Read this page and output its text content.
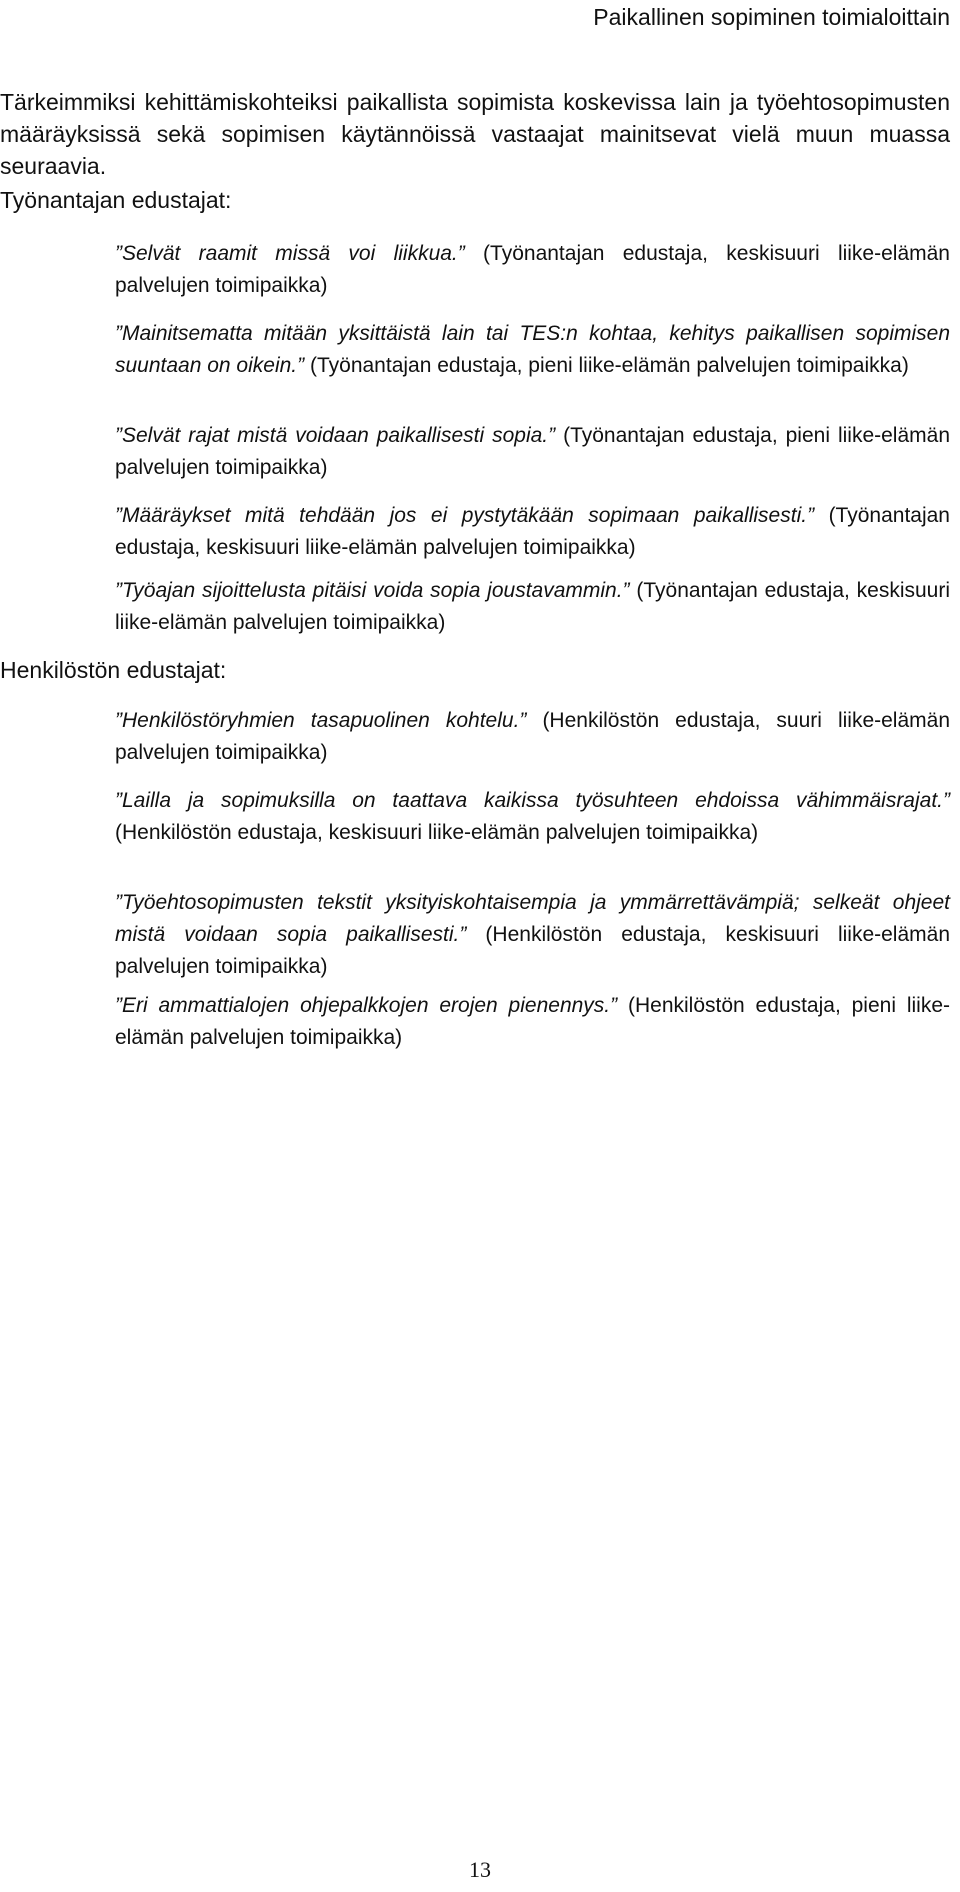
Paikallinen sopiminen toimialoittain

Tärkeimmiksi kehittämiskohteiksi paikallista sopimista koskevissa lain ja työehtosopimusten määräyksissä sekä sopimisen käytännöissä vastaajat mainitsevat vielä muun muassa seuraavia.

Työnantajan edustajat:

”Selvät raamit missä voi liikkua.” (Työnantajan edustaja, keskisuuri liike-elämän palvelujen toimipaikka)

”Mainitsematta mitään yksittäistä lain tai TES:n kohtaa, kehitys paikallisen sopimisen suuntaan on oikein.” (Työnantajan edustaja, pieni liike-elämän palvelujen toimipaikka)

”Selvät rajat mistä voidaan paikallisesti sopia.” (Työnantajan edustaja, pieni liike-elämän palvelujen toimipaikka)

”Määräykset mitä tehdään jos ei pystytäkään sopimaan paikallisesti.” (Työnantajan edustaja, keskisuuri liike-elämän palvelujen toimipaikka)

”Työajan sijoittelusta pitäisi voida sopia joustavammin.” (Työnantajan edustaja, keskisuuri liike-elämän palvelujen toimipaikka)

Henkilöstön edustajat:

”Henkilöstöryhmien tasapuolinen kohtelu.” (Henkilöstön edustaja, suuri liike-elämän palvelujen toimipaikka)

”Lailla ja sopimuksilla on taattava kaikissa työsuhteen ehdoissa vähimmäisrajat.” (Henkilöstön edustaja, keskisuuri liike-elämän palvelujen toimipaikka)

”Työehtosopimusten tekstit yksityiskohtaisempia ja ymmärrettävämpiä; selkeät ohjeet mistä voidaan sopia paikallisesti.” (Henkilöstön edustaja, keskisuuri liike-elämän palvelujen toimipaikka)

”Eri ammattialojen ohjepalkkojen erojen pienennys.” (Henkilöstön edustaja, pieni liike-elämän palvelujen toimipaikka)

13
